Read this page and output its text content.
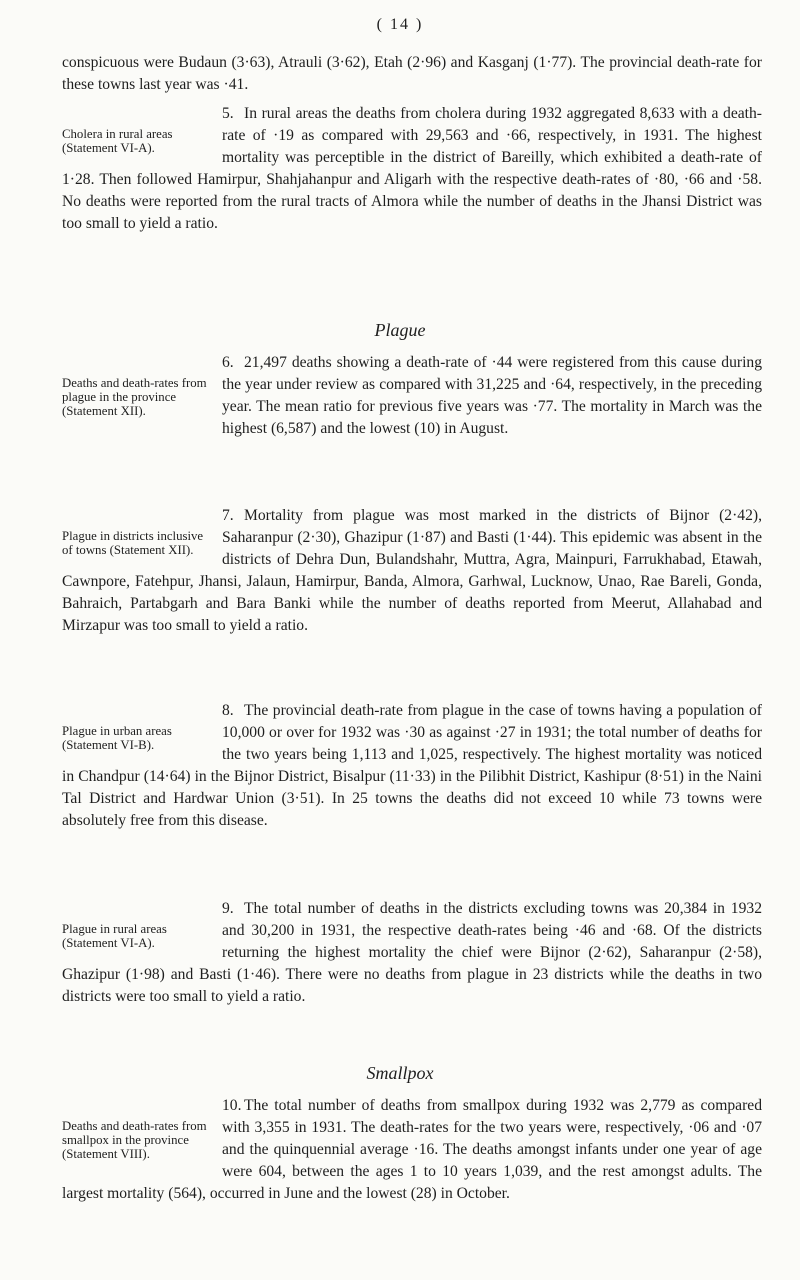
( 14 )

conspicuous were Budaun (3·63), Atrauli (3·62), Etah (2·96) and Kasganj (1·77). The provincial death-rate for these towns last year was ·41.

Cholera in rural areas (Statement VI-A).
5. In rural areas the deaths from cholera during 1932 aggregated 8,633 with a death-rate of ·19 as compared with 29,563 and ·66, respectively, in 1931. The highest mortality was perceptible in the district of Bareilly, which exhibited a death-rate of 1·28. Then followed Hamirpur, Shahjahanpur and Aligarh with the respective death-rates of ·80, ·66 and ·58. No deaths were reported from the rural tracts of Almora while the number of deaths in the Jhansi District was too small to yield a ratio.
Plague
Deaths and death-rates from plague in the province (Statement XII).
6. 21,497 deaths showing a death-rate of ·44 were registered from this cause during the year under review as compared with 31,225 and ·64, respectively, in the preceding year. The mean ratio for previous five years was ·77. The mortality in March was the highest (6,587) and the lowest (10) in August.
Plague in districts inclusive of towns (Statement XII).
7. Mortality from plague was most marked in the districts of Bijnor (2·42), Saharanpur (2·30), Ghazipur (1·87) and Basti (1·44). This epidemic was absent in the districts of Dehra Dun, Bulandshahr, Muttra, Agra, Mainpuri, Farrukhabad, Etawah, Cawnpore, Fatehpur, Jhansi, Jalaun, Hamirpur, Banda, Almora, Garhwal, Lucknow, Unao, Rae Bareli, Gonda, Bahraich, Partabgarh and Bara Banki while the number of deaths reported from Meerut, Allahabad and Mirzapur was too small to yield a ratio.
Plague in urban areas (Statement VI-B).
8. The provincial death-rate from plague in the case of towns having a population of 10,000 or over for 1932 was ·30 as against ·27 in 1931; the total number of deaths for the two years being 1,113 and 1,025, respectively. The highest mortality was noticed in Chandpur (14·64) in the Bijnor District, Bisalpur (11·33) in the Pilibhit District, Kashipur (8·51) in the Naini Tal District and Hardwar Union (3·51). In 25 towns the deaths did not exceed 10 while 73 towns were absolutely free from this disease.
Plague in rural areas (Statement VI-A).
9. The total number of deaths in the districts excluding towns was 20,384 in 1932 and 30,200 in 1931, the respective death-rates being ·46 and ·68. Of the districts returning the highest mortality the chief were Bijnor (2·62), Saharanpur (2·58), Ghazipur (1·98) and Basti (1·46). There were no deaths from plague in 23 districts while the deaths in two districts were too small to yield a ratio.
Smallpox
Deaths and death-rates from smallpox in the province (Statement VIII).
10. The total number of deaths from smallpox during 1932 was 2,779 as compared with 3,355 in 1931. The death-rates for the two years were, respectively, ·06 and ·07 and the quinquennial average ·16. The deaths amongst infants under one year of age were 604, between the ages 1 to 10 years 1,039, and the rest amongst adults. The largest mortality (564), occurred in June and the lowest (28) in October.
